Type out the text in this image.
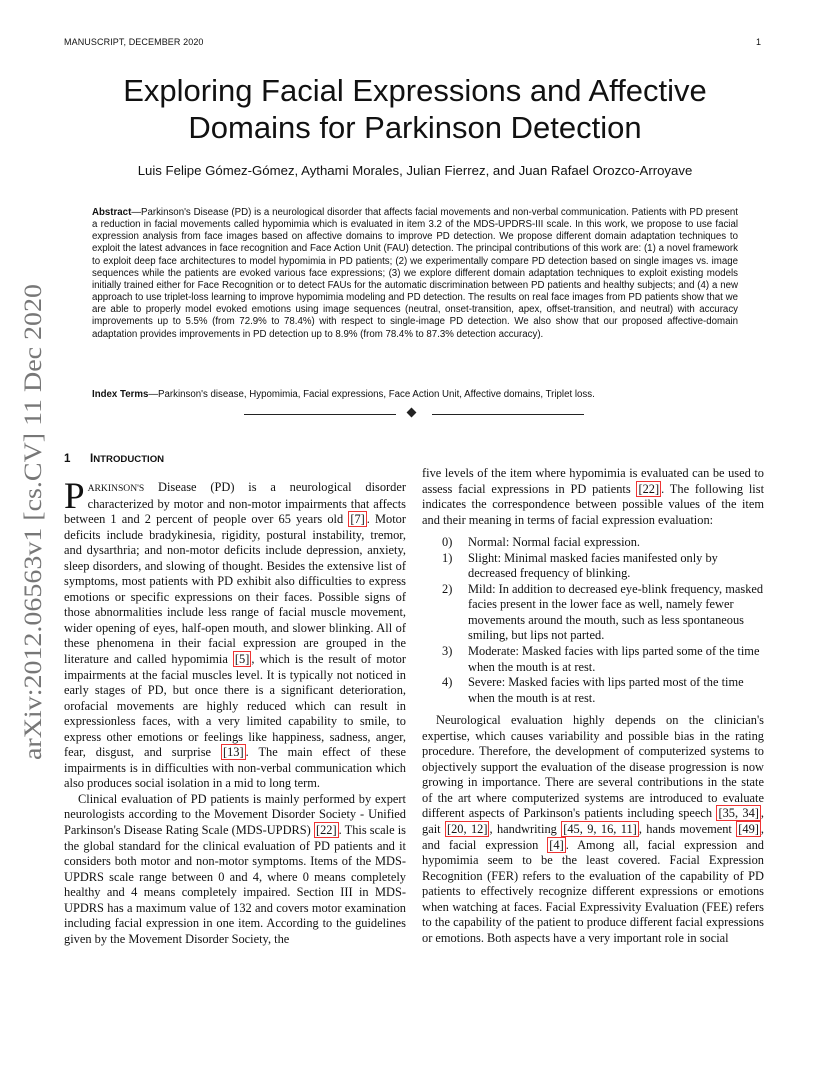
MANUSCRIPT, DECEMBER 2020	1
arXiv:2012.06563v1 [cs.CV] 11 Dec 2020
Exploring Facial Expressions and Affective Domains for Parkinson Detection
Luis Felipe Gómez-Gómez, Aythami Morales, Julian Fierrez, and Juan Rafael Orozco-Arroyave
Abstract—Parkinson's Disease (PD) is a neurological disorder that affects facial movements and non-verbal communication. Patients with PD present a reduction in facial movements called hypomimia which is evaluated in item 3.2 of the MDS-UPDRS-III scale. In this work, we propose to use facial expression analysis from face images based on affective domains to improve PD detection. We propose different domain adaptation techniques to exploit the latest advances in face recognition and Face Action Unit (FAU) detection. The principal contributions of this work are: (1) a novel framework to exploit deep face architectures to model hypomimia in PD patients; (2) we experimentally compare PD detection based on single images vs. image sequences while the patients are evoked various face expressions; (3) we explore different domain adaptation techniques to exploit existing models initially trained either for Face Recognition or to detect FAUs for the automatic discrimination between PD patients and healthy subjects; and (4) a new approach to use triplet-loss learning to improve hypomimia modeling and PD detection. The results on real face images from PD patients show that we are able to properly model evoked emotions using image sequences (neutral, onset-transition, apex, offset-transition, and neutral) with accuracy improvements up to 5.5% (from 72.9% to 78.4%) with respect to single-image PD detection. We also show that our proposed affective-domain adaptation provides improvements in PD detection up to 8.9% (from 78.4% to 87.3% detection accuracy).
Index Terms—Parkinson's disease, Hypomimia, Facial expressions, Face Action Unit, Affective domains, Triplet loss.
1 INTRODUCTION

PARKINSON'S Disease (PD) is a neurological disorder characterized by motor and non-motor impairments that affects between 1 and 2 percent of people over 65 years old [7] . Motor deficits include bradykinesia, rigidity, postural instability, tremor, and dysarthria; and non-motor deficits include depression, anxiety, sleep disorders, and slowing of thought. Besides the extensive list of symptoms, most patients with PD exhibit also difficulties to express emotions or specific expressions on their faces. Possible signs of those abnormalities include less range of facial muscle movement, wider opening of eyes, half-open mouth, and slower blinking. All of these phenomena in their facial expression are grouped in the literature and called hypomimia [5] , which is the result of motor impairments at the facial muscles level. It is typically not noticed in early stages of PD, but once there is a significant deterioration, orofacial movements are highly reduced which can result in expressionless faces, with a very limited capability to smile, to express other emotions or feelings like happiness, sadness, anger, fear, disgust, and surprise [13] . The main effect of these impairments is in difficulties with non-verbal communication which also produces social isolation in a mid to long term.

Clinical evaluation of PD patients is mainly performed by expert neurologists according to the Movement Disorder Society - Unified Parkinson's Disease Rating Scale (MDS-UPDRS) [22] . This scale is the global standard for the clinical evaluation of PD patients and it considers both motor and non-motor symptoms. Items of the MDS-UPDRS scale range between 0 and 4, where 0 means completely healthy and 4 means completely impaired. Section III in MDS-UPDRS has a maximum value of 132 and covers motor examination including facial expression in one item. According to the guidelines given by the Movement Disorder Society, the

five levels of the item where hypomimia is evaluated can be used to assess facial expressions in PD patients [22] . The following list indicates the correspondence between possible values of the item and their meaning in terms of facial expression evaluation:

0)	Normal: Normal facial expression.
1)	Slight: Minimal masked facies manifested only by decreased frequency of blinking.
2)	Mild: In addition to decreased eye-blink frequency, masked facies present in the lower face as well, namely fewer movements around the mouth, such as less spontaneous smiling, but lips not parted.
3)	Moderate: Masked facies with lips parted some of the time when the mouth is at rest.
4)	Severe: Masked facies with lips parted most of the time when the mouth is at rest.

Neurological evaluation highly depends on the clinician's expertise, which causes variability and possible bias in the rating procedure. Therefore, the development of computerized systems to objectively support the evaluation of the disease progression is now growing in importance. There are several contributions in the state of the art where computerized systems are introduced to evaluate different aspects of Parkinson's patients including speech [35, 34] , gait [20, 12] , handwriting [45, 9, 16, 11] , hands movement [49] , and facial expression [4] . Among all, facial expression and hypomimia seem to be the least covered. Facial Expression Recognition (FER) refers to the evaluation of the capability of PD patients to effectively recognize different expressions or emotions when watching at faces. Facial Expressivity Evaluation (FEE) refers to the capability of the patient to produce different facial expressions or emotions. Both aspects have a very important role in social
